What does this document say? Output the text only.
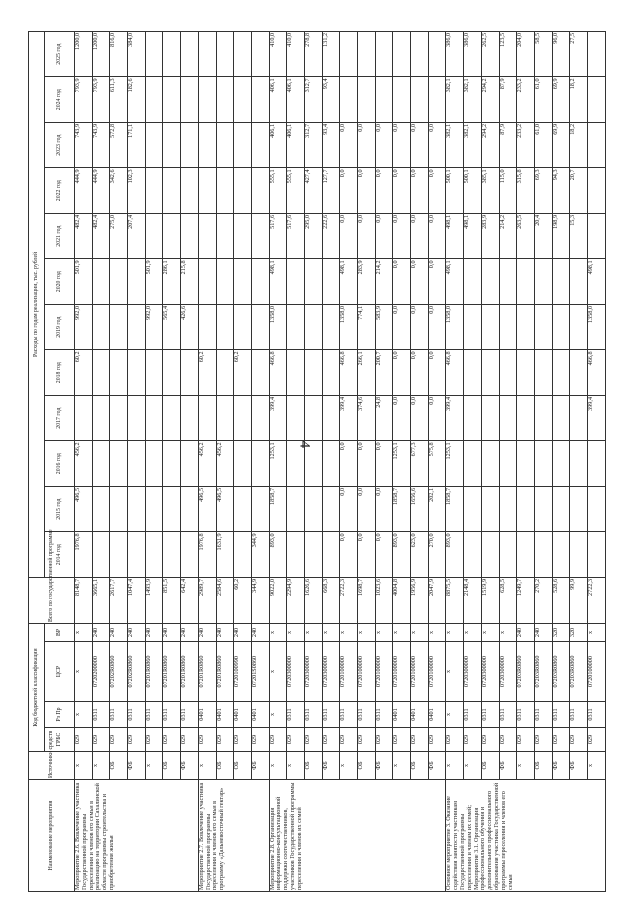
4
Наименование мероприятия	Источники средств	Код бюджетной классификации				Всего по государственной программе	Расходы по годам реализации, тыс. рублей											
		ГРБС	Рз Пр	ЦСР	ВР		2014 год	2015 год	2016 год	2017 год	2018 год	2019 год	2020 год	2021 год	2022 год	2023 год	2024 год	2025 год
Мероприятие 2.6. Вовлечение участника Государственной программы переселения и членов его семьи в реализацию на территории Сахалинской области программы строительства и приобретения жилья	x	029	x	x	x	8148,7	1976,8	496,5	456,2		60,2	992,0	501,9	482,4	444,9	743,9	793,9	1200,0
	x	029	0311	0720200000	240	3665,1								482,4	444,9	743,9	793,9	1200,0
	ОБ	029	0311	07202R0860	240	2617,7								275,0	342,6	572,8	611,3	816,0
	ФБ	029	0311	07202R0860	240	1047,4								207,4	102,3	171,1	182,6	384,0
	x	029	0311	07201R0860	240	1493,9						992,0	501,9					
	ОБ	029	0311	07201R0860	240	851,5						565,4	286,1					
	ФБ	029	0311	07201R0860	240	642,4						426,6	215,8					
Мероприятие 2.7. Вовлечение участника Государственной программы переселения и членов его семьи в программу «Дальневосточный гектар»	x	029	0401	07201R0860	240	2989,7	1976,8	496,5	456,2		60,2							
	ОБ	029	0401	07201R0860	240	2584,6	1631,9	496,5	456,2									
	ОБ	029	0401	0720100990	240	60,2					60,2							
	ФБ	029	0401	07201S0860	240	344,9	344,9											
Мероприятие 2.8. Организация информационно-консультационной поддержки соотечественников, участников Государственной программы переселения и членов их семей	x	029	x	x	x	9022,0	893,0	1858,7	1253,1	399,4	466,8	1358,0	498,1	517,6	555,1	406,1	406,1	410,0
	x	029	0311	0720300000	x	2294,9								517,6	555,1	406,1	406,1	410,0
	ОБ	029	0311	0720300000	x	1626,6								295,0	427,4	312,7	312,7	278,8
	ФБ	029	0311	0720300000	x	668,3								222,6	127,7	93,4	93,4	131,2
	x	029	0311	0720100000	x	2722,3	0,0	0,0	0,0	399,4	466,8	1358,0	498,1	0,0	0,0	0,0		
	ОБ	029	0311	0720100000	x	1698,7	0,0	0,0	0,0	374,6	266,1	774,1	283,9	0,0	0,0	0,0		
	ФБ	029	0311	0720100000	x	1023,6	0,0	0,0	0,0	24,8	200,7	583,9	214,2	0,0	0,0	0,0		
	x	029	0401	0720100000	x	4004,8	893,0	1858,7	1253,1	0,0	0,0	0,0	0,0	0,0	0,0	0,0		
	ОБ	029	0401	0720100000	x	1956,9	623,0	1656,6	677,3	0,0	0,0	0,0	0,0	0,0	0,0	0,0		
	ФБ	029	0401	0720100000	x	2047,9	270,0	202,1	575,8	0,0	0,0	0,0	0,0	0,0	0,0	0,0		
Основное мероприятие 3. Оказание содействия занятости участникам Государственной программы переселения и членам их семей; Мероприятие 3.1. Организация профессионального обучения и дополнительного профессионального образования участника Государственной программы переселения и членов его семьи	x	029	x	x	x	8875,5	893,0	1858,7	1253,1	399,4	466,8	1358,0	498,1	498,1	500,1	382,1	382,1	386,0
	x	029	0311	0720300000	x	2148,4								498,1	500,1	382,1	382,1	386,0
	ОБ	029	0311	0720300000	x	1519,9								283,9	385,1	294,2	294,2	262,5
	ФБ	029	0311	0720300000	x	628,5								214,2	115,0	87,9	87,9	123,5
	x	029	0311	07203R0860	240	1249,7								263,5	315,8	233,2	233,2	204,0
	ОБ	029	0311	07203R0860	240	270,2								20,4	69,3	61,0	61,0	58,5
	ФБ	029	0311	07203R0860	320	528,6								198,9	94,3	69,9	69,9	96,0
	ФБ	029	0311	07203R0860	320	99,9								15,3	20,7	18,2	18,2	27,5
	x	029	0311	0720100000	x	2722,3				399,4	466,8	1358,0	498,1					
